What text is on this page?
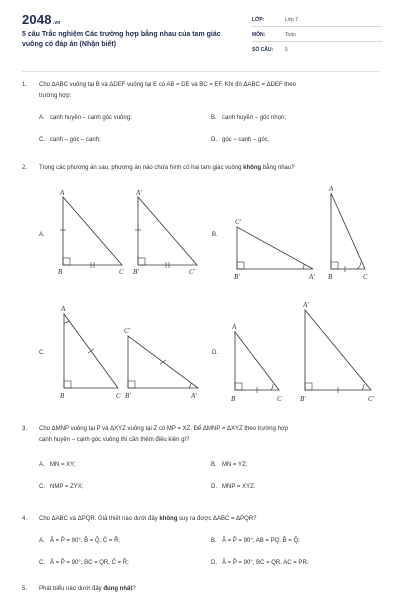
2048.vn
5 câu Trắc nghiệm Các trường hợp bằng nhau của tam giác vuông có đáp án (Nhận biết)
LỚP:	Lớp 7
MÔN:	Toán
SỐ CÂU: 5
1. Cho ΔABC vuông tại B và ΔDEF vuông tại E có AB = DE và BC = EF. Khi đó ΔABC = ΔDEF theo
trường hợp:
A. cạnh huyền – cạnh góc vuông;	B. cạnh huyền – góc nhọn;
C. cạnh – góc – cạnh;	D. góc – cạnh – góc.
2. Trong các phương án sau, phương án nào chứa hình có hai tam giác vuông không bằng nhau?
A.	B.
C.	D.
A
B	C
A'
B'	C'
C'
B'	A'
A
B	C
A
B	C
C'
B'	A'
A
B	C
A'
B'	C'
3. Cho ΔMNP vuông tại P và ΔXYZ vuông tại Z có MP = XZ. Để ΔMNP = ΔXYZ theo trường hợp
cạnh huyền – cạnh góc vuông thì cần thêm điều kiện gì?
A. MN = XY;	B. MN = YZ;
C. NMP = ZYX;	D. MNP = XYZ.
4. Cho ΔABC và ΔPQR. Giả thiết nào dưới đây không suy ra được ΔABC = ΔPQR?
A. Â = P̂ = 90°, B̂ = Q̂, Ĉ = R̂;	B. Â = P̂ = 90°, AB = PQ, B̂ = Q̂;
C. Â = P̂ = 90°, BC = QR, Ĉ = R̂;	D. Â = P̂ = 90°, BC = QR, AC = PR.
5. Phát biểu nào dưới đây đúng nhất?
